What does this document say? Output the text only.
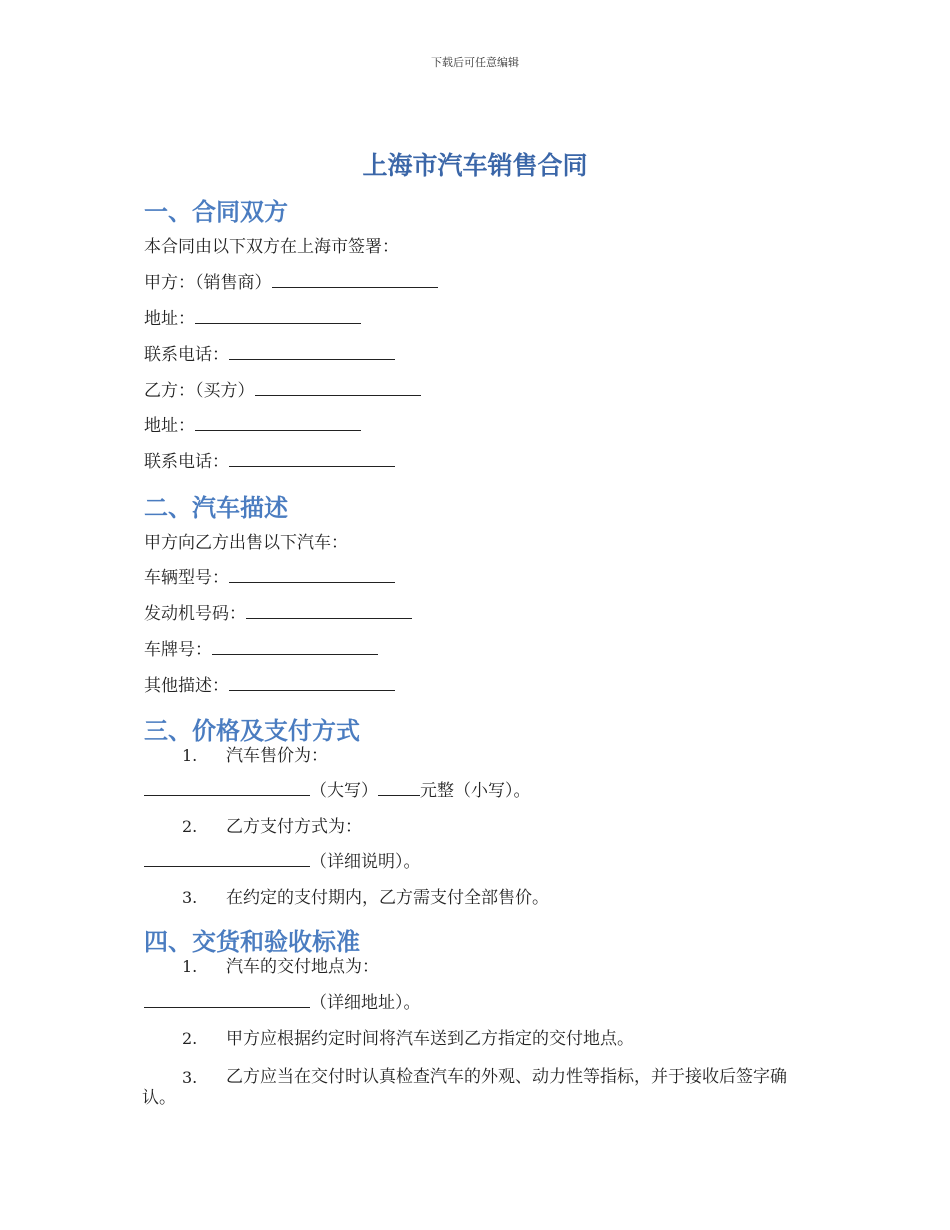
下载后可任意编辑
上海市汽车销售合同
一、合同双方
本合同由以下双方在上海市签署：
甲方：（销售商）
地址：
联系电话：
乙方：（买方）
地址：
联系电话：
二、汽车描述
甲方向乙方出售以下汽车：
车辆型号：
发动机号码：
车牌号：
其他描述：
三、价格及支付方式
1. 汽车售价为：
（大写） 元整（小写）。
2. 乙方支付方式为：
（详细说明）。
3. 在约定的支付期内，乙方需支付全部售价。
四、交货和验收标准
1. 汽车的交付地点为：
（详细地址）。
2. 甲方应根据约定时间将汽车送到乙方指定的交付地点。
3. 乙方应当在交付时认真检查汽车的外观、动力性等指标，并于接收后签字确
认。
